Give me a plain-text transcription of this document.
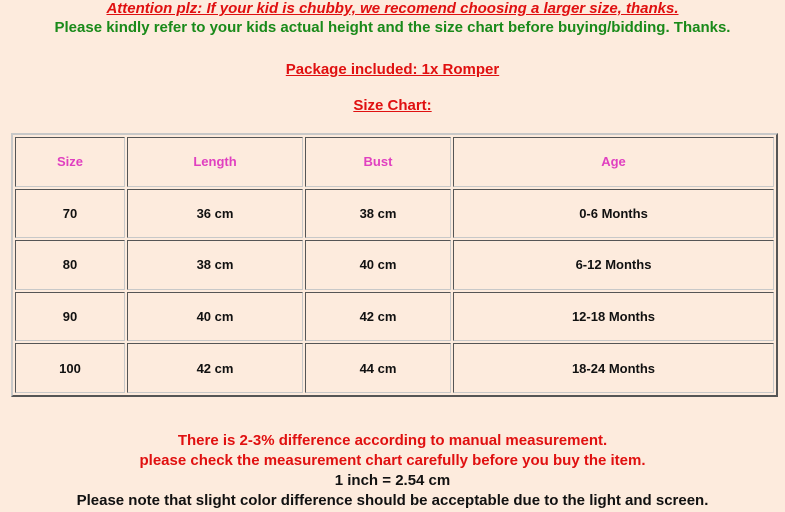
Attention plz: If your kid is chubby, we recomend choosing a larger size, thanks.
Please kindly refer to your kids actual height and the size chart before buying/bidding. Thanks.
Package included: 1x Romper
Size Chart:
Size	Length	Bust	Age
70	36 cm	38 cm	0-6 Months
80	38 cm	40 cm	6-12 Months
90	40 cm	42 cm	12-18 Months
100	42 cm	44 cm	18-24 Months
There is 2-3% difference according to manual measurement.
please check the measurement chart carefully before you buy the item.
1 inch = 2.54 cm
Please note that slight color difference should be acceptable due to the light and screen.
